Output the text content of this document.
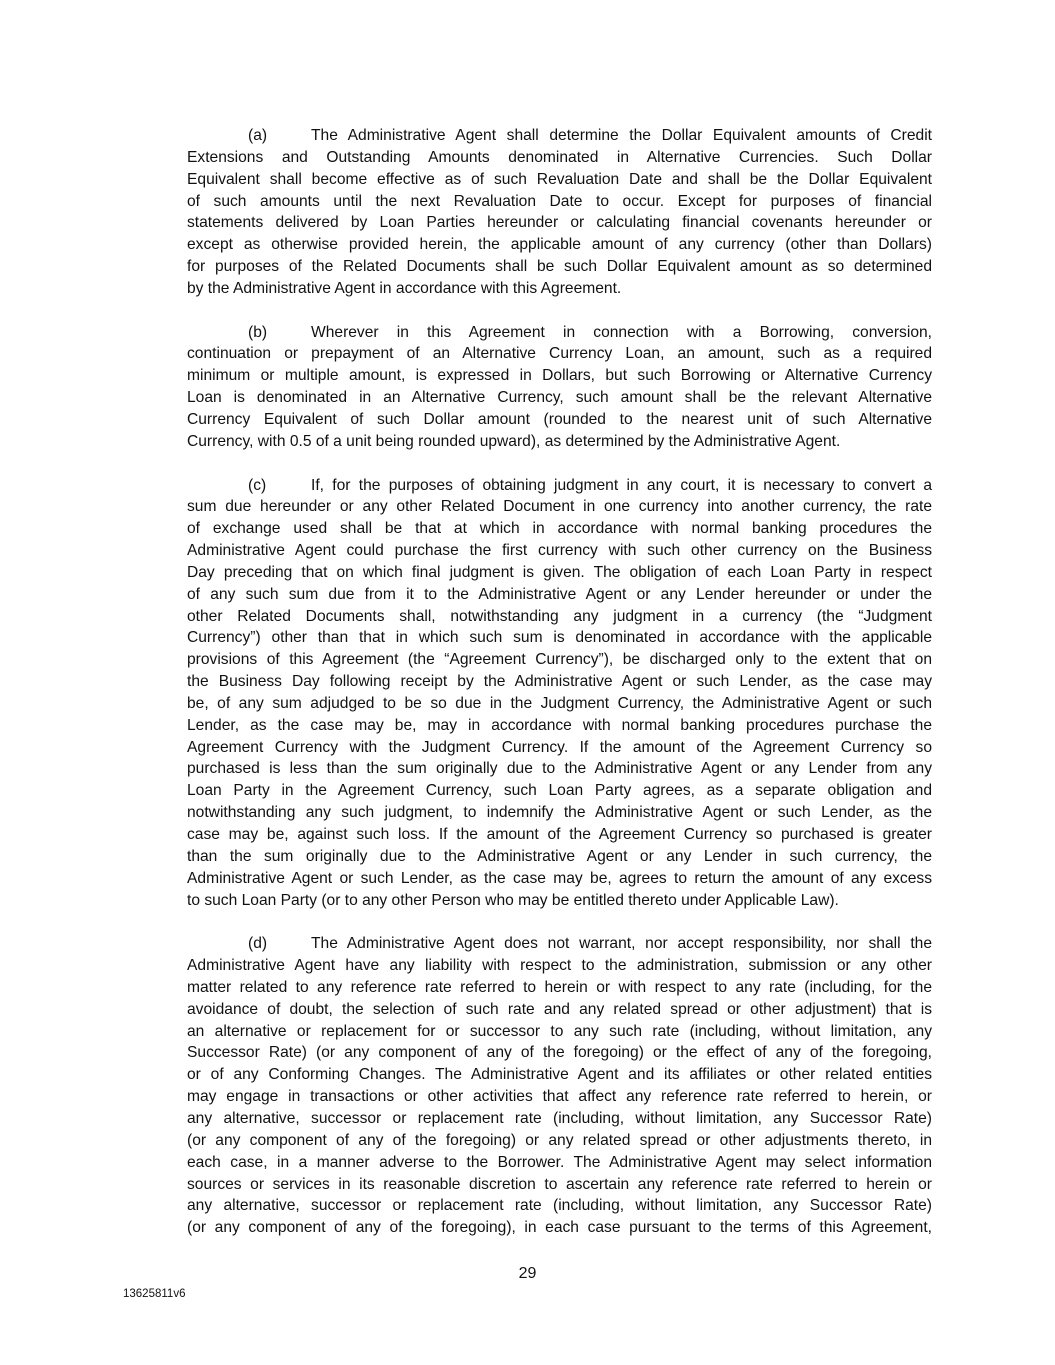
(a)	The Administrative Agent shall determine the Dollar Equivalent amounts of Credit
Extensions and Outstanding Amounts denominated in Alternative Currencies. Such Dollar
Equivalent shall become effective as of such Revaluation Date and shall be the Dollar Equivalent
of such amounts until the next Revaluation Date to occur. Except for purposes of financial
statements delivered by Loan Parties hereunder or calculating financial covenants hereunder or
except as otherwise provided herein, the applicable amount of any currency (other than Dollars)
for purposes of the Related Documents shall be such Dollar Equivalent amount as so determined
by the Administrative Agent in accordance with this Agreement.
(b)	Wherever in this Agreement in connection with a Borrowing, conversion,
continuation or prepayment of an Alternative Currency Loan, an amount, such as a required
minimum or multiple amount, is expressed in Dollars, but such Borrowing or Alternative Currency
Loan is denominated in an Alternative Currency, such amount shall be the relevant Alternative
Currency Equivalent of such Dollar amount (rounded to the nearest unit of such Alternative
Currency, with 0.5 of a unit being rounded upward), as determined by the Administrative Agent.
(c)	If, for the purposes of obtaining judgment in any court, it is necessary to convert a
sum due hereunder or any other Related Document in one currency into another currency, the rate
of exchange used shall be that at which in accordance with normal banking procedures the
Administrative Agent could purchase the first currency with such other currency on the Business
Day preceding that on which final judgment is given. The obligation of each Loan Party in respect
of any such sum due from it to the Administrative Agent or any Lender hereunder or under the
other Related Documents shall, notwithstanding any judgment in a currency (the “Judgment
Currency”) other than that in which such sum is denominated in accordance with the applicable
provisions of this Agreement (the “Agreement Currency”), be discharged only to the extent that on
the Business Day following receipt by the Administrative Agent or such Lender, as the case may
be, of any sum adjudged to be so due in the Judgment Currency, the Administrative Agent or such
Lender, as the case may be, may in accordance with normal banking procedures purchase the
Agreement Currency with the Judgment Currency. If the amount of the Agreement Currency so
purchased is less than the sum originally due to the Administrative Agent or any Lender from any
Loan Party in the Agreement Currency, such Loan Party agrees, as a separate obligation and
notwithstanding any such judgment, to indemnify the Administrative Agent or such Lender, as the
case may be, against such loss. If the amount of the Agreement Currency so purchased is greater
than the sum originally due to the Administrative Agent or any Lender in such currency, the
Administrative Agent or such Lender, as the case may be, agrees to return the amount of any excess
to such Loan Party (or to any other Person who may be entitled thereto under Applicable Law).
(d)	The Administrative Agent does not warrant, nor accept responsibility, nor shall the
Administrative Agent have any liability with respect to the administration, submission or any other
matter related to any reference rate referred to herein or with respect to any rate (including, for the
avoidance of doubt, the selection of such rate and any related spread or other adjustment) that is
an alternative or replacement for or successor to any such rate (including, without limitation, any
Successor Rate) (or any component of any of the foregoing) or the effect of any of the foregoing,
or of any Conforming Changes. The Administrative Agent and its affiliates or other related entities
may engage in transactions or other activities that affect any reference rate referred to herein, or
any alternative, successor or replacement rate (including, without limitation, any Successor Rate)
(or any component of any of the foregoing) or any related spread or other adjustments thereto, in
each case, in a manner adverse to the Borrower. The Administrative Agent may select information
sources or services in its reasonable discretion to ascertain any reference rate referred to herein or
any alternative, successor or replacement rate (including, without limitation, any Successor Rate)
(or any component of any of the foregoing), in each case pursuant to the terms of this Agreement,
29
13625811v6
